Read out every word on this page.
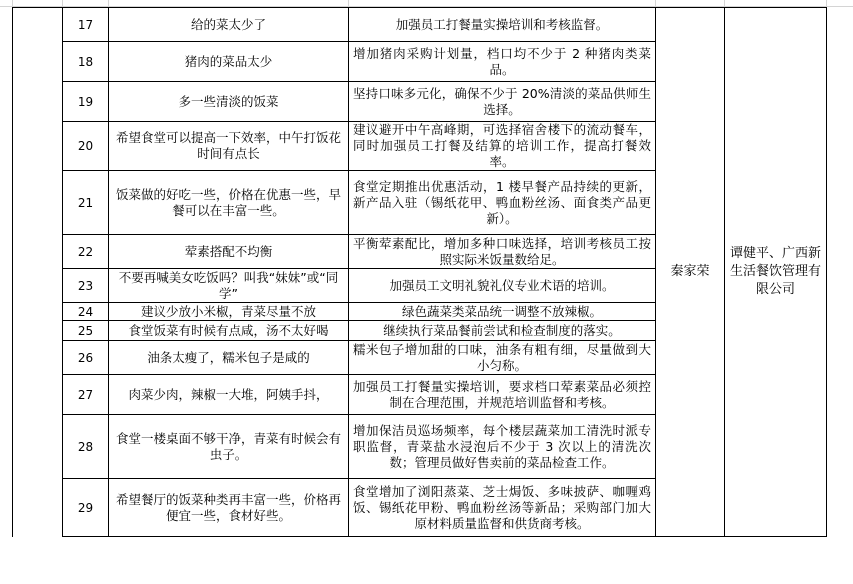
	17	给的菜太少了	加强员工打餐量实操培训和考核监督。	秦家荣	谭健平、广西新生活餐饮管理有限公司
	18	猪肉的菜品太少	增加猪肉采购计划量，档口均不少于 2 种猪肉类菜品。		
	19	多一些清淡的饭菜	坚持口味多元化，确保不少于 20%清淡的菜品供师生选择。		
	20	希望食堂可以提高一下效率，中午打饭花时间有点长	建议避开中午高峰期，可选择宿舍楼下的流动餐车，同时加强员工打餐及结算的培训工作，提高打餐效率。		
	21	饭菜做的好吃一些，价格在优惠一些，早餐可以在丰富一些。	食堂定期推出优惠活动，1 楼早餐产品持续的更新，新产品入驻（锡纸花甲、鸭血粉丝汤、面食类产品更新）。		
	22	荤素搭配不均衡	平衡荤素配比，增加多种口味选择，培训考核员工按照实际米饭量数给足。		
	23	不要再喊美女吃饭吗？叫我“妹妹”或“同学”	加强员工文明礼貌礼仪专业术语的培训。		
	24	建议少放小米椒，青菜尽量不放	绿色蔬菜类菜品统一调整不放辣椒。		
	25	食堂饭菜有时候有点咸，汤不太好喝	继续执行菜品餐前尝试和检查制度的落实。		
	26	油条太瘦了，糯米包子是咸的	糯米包子增加甜的口味，油条有粗有细，尽量做到大小匀称。		
	27	肉菜少肉，辣椒一大堆，阿姨手抖，	加强员工打餐量实操培训，要求档口荤素菜品必须控制在合理范围，并规范培训监督和考核。		
	28	食堂一楼桌面不够干净，青菜有时候会有虫子。	增加保洁员巡场频率，每个楼层蔬菜加工清洗时派专职监督，青菜盐水浸泡后不少于 3 次以上的清洗次数；管理员做好售卖前的菜品检查工作。		
	29	希望餐厅的饭菜种类再丰富一些，价格再便宜一些，食材好些。	食堂增加了浏阳蒸菜、芝士焗饭、多味披萨、咖喱鸡饭、锡纸花甲粉、鸭血粉丝汤等新品；采购部门加大原材料质量监督和供货商考核。		
